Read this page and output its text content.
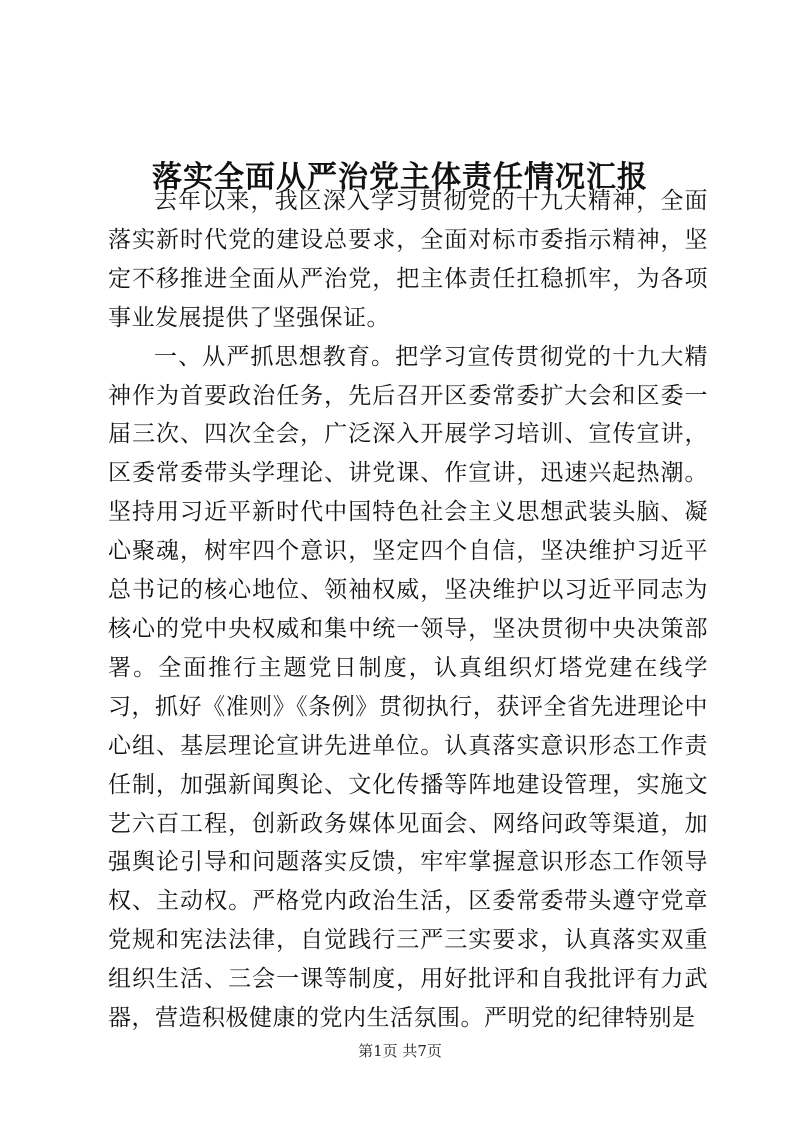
落实全面从严治党主体责任情况汇报

去年以来，我区深入学习贯彻党的十九大精神，全面落实新时代党的建设总要求，全面对标市委指示精神，坚定不移推进全面从严治党，把主体责任扛稳抓牢，为各项事业发展提供了坚强保证。

一、从严抓思想教育。把学习宣传贯彻党的十九大精神作为首要政治任务，先后召开区委常委扩大会和区委一届三次、四次全会，广泛深入开展学习培训、宣传宣讲，区委常委带头学理论、讲党课、作宣讲，迅速兴起热潮。坚持用习近平新时代中国特色社会主义思想武装头脑、凝心聚魂，树牢四个意识，坚定四个自信，坚决维护习近平总书记的核心地位、领袖权威，坚决维护以习近平同志为核心的党中央权威和集中统一领导，坚决贯彻中央决策部署。全面推行主题党日制度，认真组织灯塔党建在线学习，抓好《准则》《条例》贯彻执行，获评全省先进理论中心组、基层理论宣讲先进单位。认真落实意识形态工作责任制，加强新闻舆论、文化传播等阵地建设管理，实施文艺六百工程，创新政务媒体见面会、网络问政等渠道，加强舆论引导和问题落实反馈，牢牢掌握意识形态工作领导权、主动权。严格党内政治生活，区委常委带头遵守党章党规和宪法法律，自觉践行三严三实要求，认真落实双重组织生活、三会一课等制度，用好批评和自我批评有力武器，营造积极健康的党内生活氛围。严明党的纪律特别是

第1页 共7页
